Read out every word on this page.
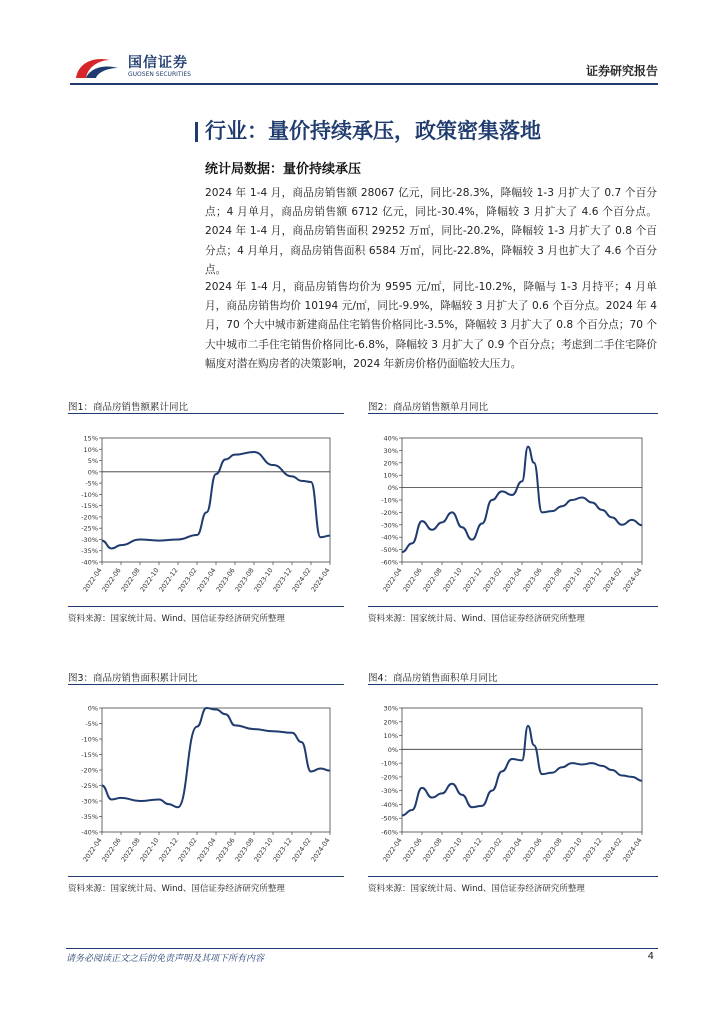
国信证券
GUOSEN SECURITIES	证券研究报告
行业：量价持续承压，政策密集落地
统计局数据：量价持续承压
2024 年 1-4 月，商品房销售额 28067 亿元，同比-28.3%，降幅较 1-3 月扩大了 0.7 个百分点；4 月单月，商品房销售额 6712 亿元，同比-30.4%，降幅较 3 月扩大了 4.6 个百分点。2024 年 1-4 月，商品房销售面积 29252 万㎡，同比-20.2%，降幅较 1-3 月扩大了 0.8 个百分点；4 月单月，商品房销售面积 6584 万㎡，同比-22.8%，降幅较 3 月也扩大了 4.6 个百分点。
2024 年 1-4 月，商品房销售均价为 9595 元/㎡，同比-10.2%，降幅与 1-3 月持平；4 月单月，商品房销售均价 10194 元/㎡，同比-9.9%，降幅较 3 月扩大了 0.6 个百分点。2024 年 4 月，70 个大中城市新建商品住宅销售价格同比-3.5%，降幅较 3 月扩大了 0.8 个百分点；70 个大中城市二手住宅销售价格同比-6.8%，降幅较 3 月扩大了 0.9 个百分点；考虑到二手住宅降价幅度对潜在购房者的决策影响，2024 年新房价格仍面临较大压力。
图1：商品房销售额累计同比
15%
10%
5%
0%
-5%
-10%
-15%
-20%
-25%
-30%
-35%
-40%
2022-04
2022-06
2022-08
2022-10
2022-12
2023-02
2023-04
2023-06
2023-08
2023-10
2023-12
2024-02
2024-04
资料来源：国家统计局、Wind、国信证券经济研究所整理
图2：商品房销售额单月同比
40%
30%
20%
10%
0%
-10%
-20%
-30%
-40%
-50%
-60%
2022-04
2022-06
2022-08
2022-10
2022-12
2023-02
2023-04
2023-06
2023-08
2023-10
2023-12
2024-02
2024-04
资料来源：国家统计局、Wind、国信证券经济研究所整理
图3：商品房销售面积累计同比
0%
-5%
-10%
-15%
-20%
-25%
-30%
-35%
-40%
2022-04
2022-06
2022-08
2022-10
2022-12
2023-02
2023-04
2023-06
2023-08
2023-10
2023-12
2024-02
2024-04
资料来源：国家统计局、Wind、国信证券经济研究所整理
图4：商品房销售面积单月同比
30%
20%
10%
0%
-10%
-20%
-30%
-40%
-50%
-60%
2022-04
2022-06
2022-08
2022-10
2022-12
2023-02
2023-04
2023-06
2023-08
2023-10
2023-12
2024-02
2024-04
资料来源：国家统计局、Wind、国信证券经济研究所整理
请务必阅读正文之后的免责声明及其项下所有内容	4
